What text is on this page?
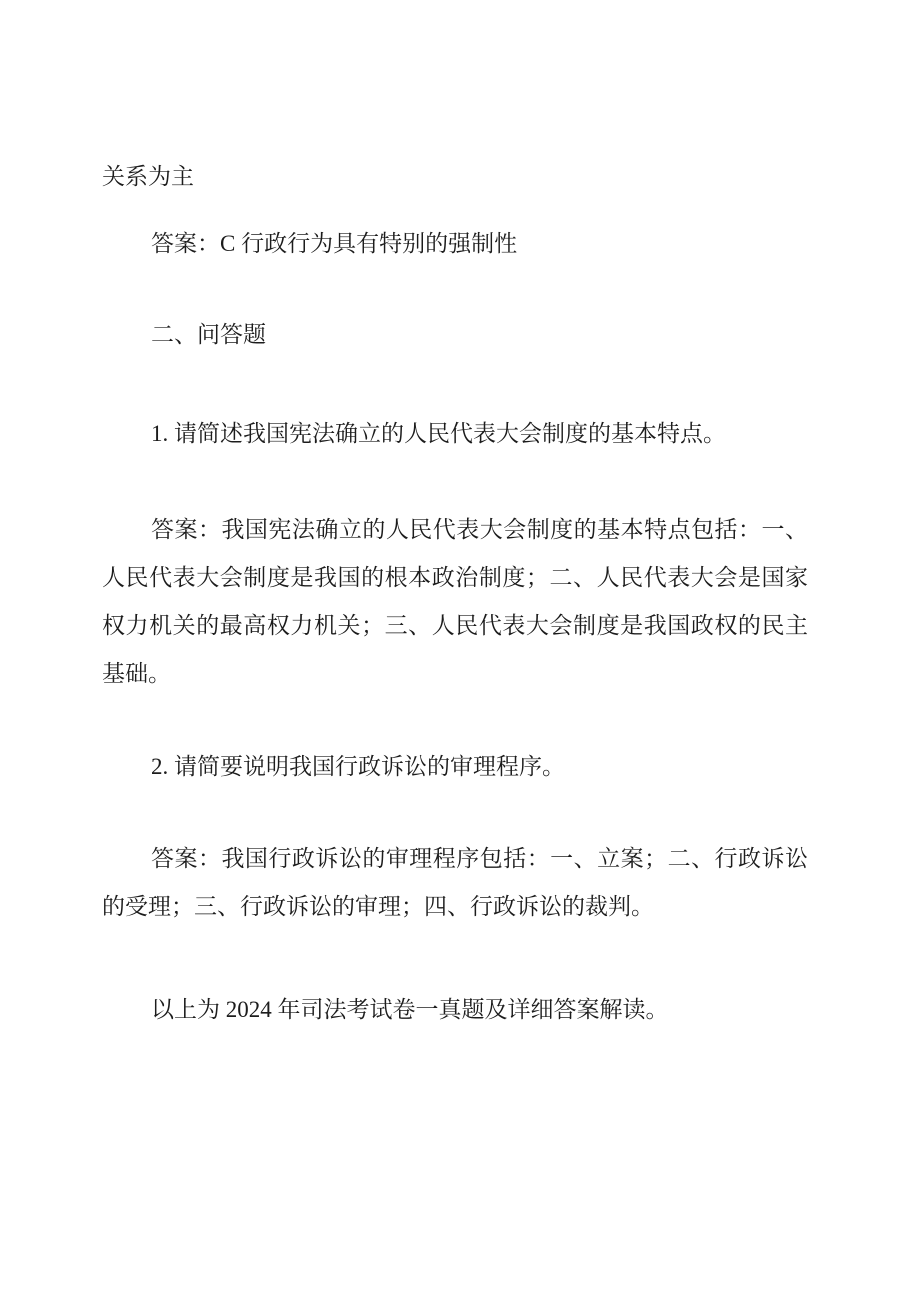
关系为主
答案：C 行政行为具有特别的强制性
二、问答题
1. 请简述我国宪法确立的人民代表大会制度的基本特点。
答案：我国宪法确立的人民代表大会制度的基本特点包括：一、
人民代表大会制度是我国的根本政治制度；二、人民代表大会是国家
权力机关的最高权力机关；三、人民代表大会制度是我国政权的民主
基础。
2. 请简要说明我国行政诉讼的审理程序。
答案：我国行政诉讼的审理程序包括：一、立案；二、行政诉讼
的受理；三、行政诉讼的审理；四、行政诉讼的裁判。
以上为 2024 年司法考试卷一真题及详细答案解读。
